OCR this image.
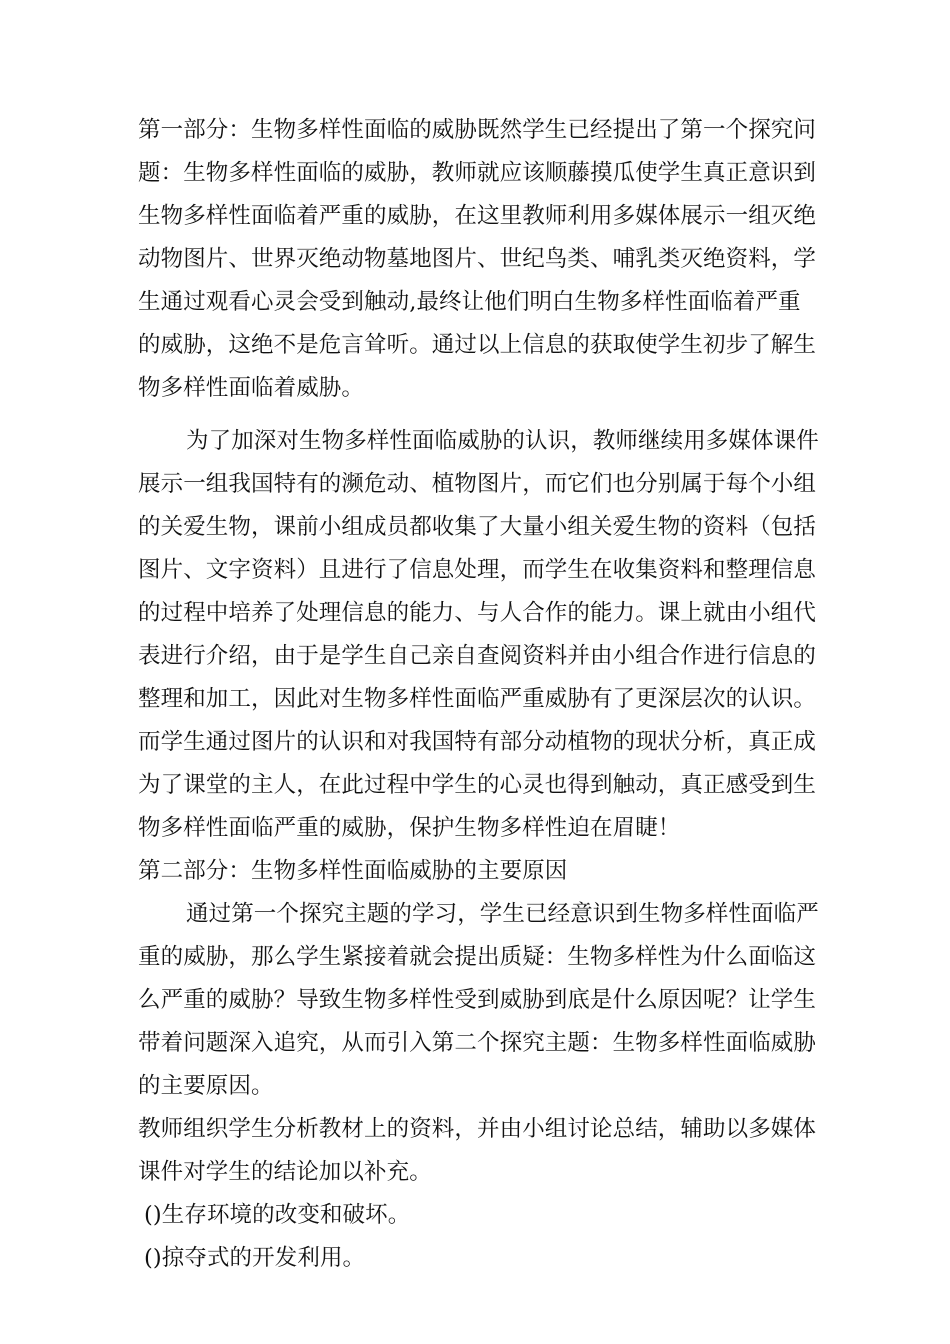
第一部分：生物多样性面临的威胁既然学生已经提出了第一个探究问
题：生物多样性面临的威胁，教师就应该顺藤摸瓜使学生真正意识到
生物多样性面临着严重的威胁，在这里教师利用多媒体展示一组灭绝
动物图片、世界灭绝动物墓地图片、世纪鸟类、哺乳类灭绝资料，学
生通过观看心灵会受到触动,最终让他们明白生物多样性面临着严重
的威胁，这绝不是危言耸听。通过以上信息的获取使学生初步了解生
物多样性面临着威胁。
为了加深对生物多样性面临威胁的认识，教师继续用多媒体课件
展示一组我国特有的濒危动、植物图片，而它们也分别属于每个小组
的关爱生物，课前小组成员都收集了大量小组关爱生物的资料（包括
图片、文字资料）且进行了信息处理，而学生在收集资料和整理信息
的过程中培养了处理信息的能力、与人合作的能力。课上就由小组代
表进行介绍，由于是学生自己亲自查阅资料并由小组合作进行信息的
整理和加工，因此对生物多样性面临严重威胁有了更深层次的认识。
而学生通过图片的认识和对我国特有部分动植物的现状分析，真正成
为了课堂的主人，在此过程中学生的心灵也得到触动，真正感受到生
物多样性面临严重的威胁，保护生物多样性迫在眉睫！
第二部分：生物多样性面临威胁的主要原因
通过第一个探究主题的学习，学生已经意识到生物多样性面临严
重的威胁，那么学生紧接着就会提出质疑：生物多样性为什么面临这
么严重的威胁？导致生物多样性受到威胁到底是什么原因呢？让学生
带着问题深入追究，从而引入第二个探究主题：生物多样性面临威胁
的主要原因。
教师组织学生分析教材上的资料，并由小组讨论总结，辅助以多媒体
课件对学生的结论加以补充。
()生存环境的改变和破坏。
()掠夺式的开发利用。
